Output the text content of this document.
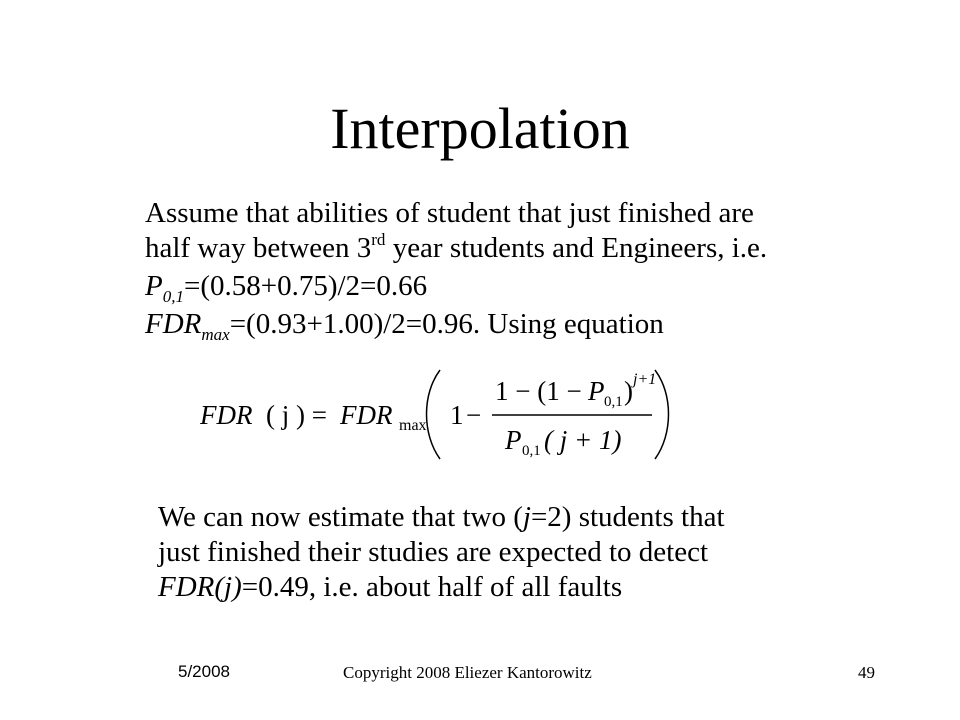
Interpolation
Assume that abilities of student that just finished are
half way between 3rd year students and Engineers, i.e.
$P_{0,1}=(0.58+0.75)/2=0.66$
$FDR_{max}=(0.93+1.00)/2=0.96$. Using equation
FDR ( j ) = FDR max 1 −
1 − (1 − P 0,1 ) j+1
P 0,1 ( j + 1)
We can now estimate that two (j=2) students that
just finished their studies are expected to detect
FDR(j)=0.49, i.e. about half of all faults
5/2008	Copyright 2008 Eliezer Kantorowitz	49
